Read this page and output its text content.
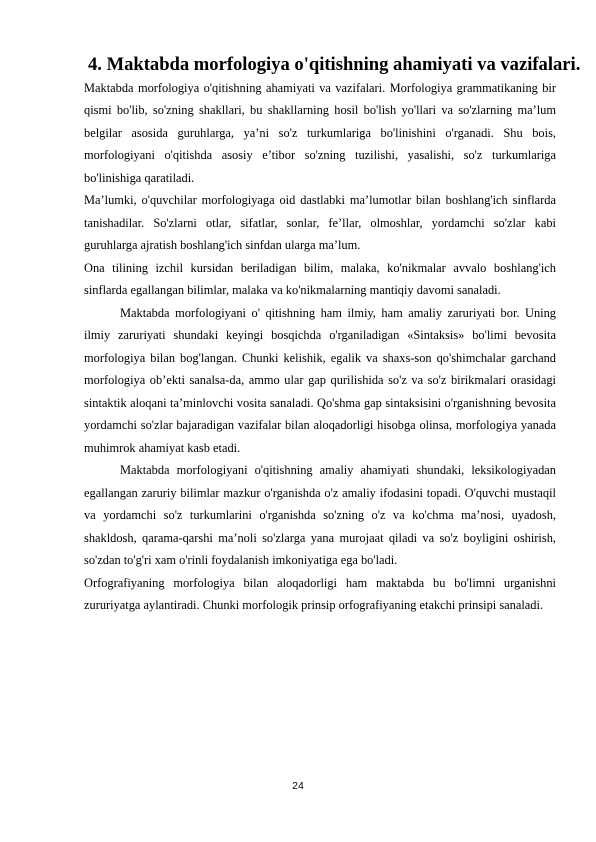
4. Maktabda morfologiya o'qitishning ahamiyati va vazifalari.

Maktabda morfologiya o'qitishning ahamiyati va vazifalari. Morfologiya grammatikaning bir qismi bo'lib, so'zning shakllari, bu shakllarning hosil bo'lish yo'llari va so'zlarning ma’lum belgilar asosida guruhlarga, ya’ni so'z turkumlariga bo'linishini o'rganadi. Shu bois, morfologiyani o'qitishda asosiy e’tibor so'zning tuzilishi, yasalishi, so'z turkumlariga bo'linishiga qaratiladi.

Ma’lumki, o'quvchilar morfologiyaga oid dastlabki ma’lumotlar bilan boshlang'ich sinflarda tanishadilar. So'zlarni otlar, sifatlar, sonlar, fe’llar, olmoshlar, yordamchi so'zlar kabi guruhlarga ajratish boshlang'ich sinfdan ularga ma’lum.

Ona tilining izchil kursidan beriladigan bilim, malaka, ko'nikmalar avvalo boshlang'ich sinflarda egallangan bilimlar, malaka va ko'nikmalarning mantiqiy davomi sanaladi.

Maktabda morfologiyani o' qitishning ham ilmiy, ham amaliy zaruriyati bor. Uning ilmiy zaruriyati shundaki keyingi bosqichda o'rganiladigan «Sintaksis» bo'limi bevosita morfologiya bilan bog'langan. Chunki kelishik, egalik va shaxs-son qo'shimchalar garchand morfologiya ob’ekti sanalsa-da, ammo ular gap qurilishida so'z va so'z birikmalari orasidagi sintaktik aloqani ta’minlovchi vosita sanaladi. Qo'shma gap sintaksisini o'rganishning bevosita yordamchi so'zlar bajaradigan vazifalar bilan aloqadorligi hisobga olinsa, morfologiya yanada muhimrok ahamiyat kasb etadi.

Maktabda morfologiyani o'qitishning amaliy ahamiyati shundaki, leksikologiyadan egallangan zaruriy bilimlar mazkur o'rganishda o'z amaliy ifodasini topadi. O'quvchi mustaqil va yordamchi so'z turkumlarini o'rganishda so'zning o'z va ko'chma ma’nosi, uyadosh, shakldosh, qarama-qarshi ma’noli so'zlarga yana murojaat qiladi va so'z boyligini oshirish, so'zdan to'g'ri xam o'rinli foydalanish imkoniyatiga ega bo'ladi.

Orfografiyaning morfologiya bilan aloqadorligi ham maktabda bu bo'limni urganishni zururiyatga aylantiradi. Chunki morfologik prinsip orfografiyaning etakchi prinsipi sanaladi.

24
